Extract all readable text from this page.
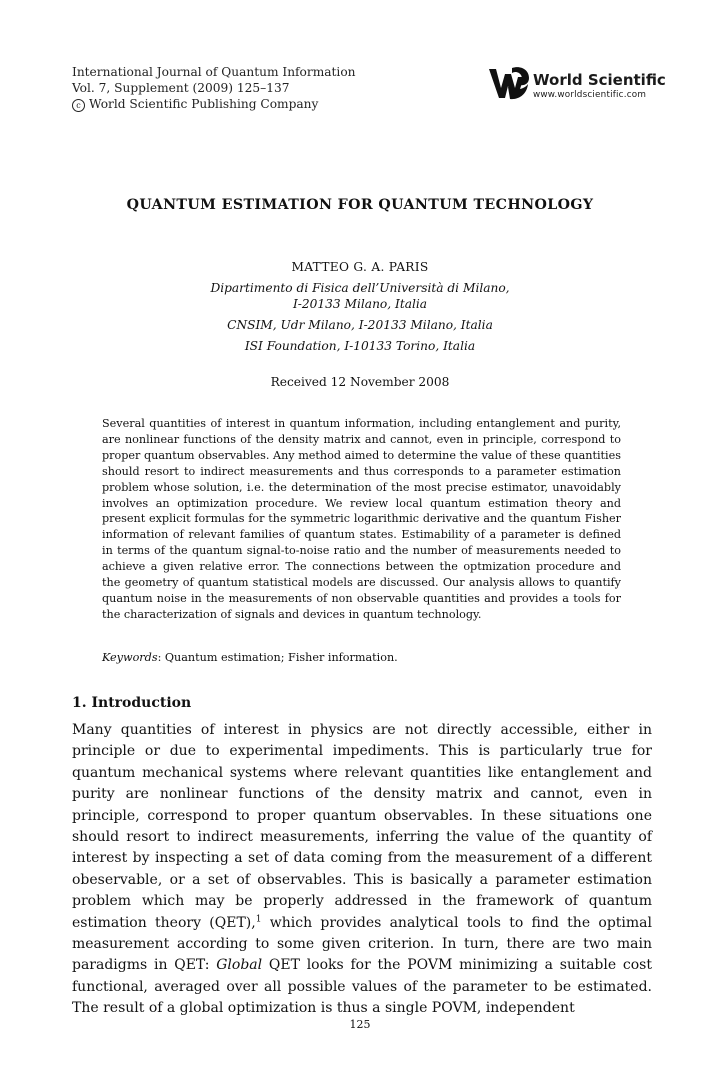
International Journal of Quantum Information
Vol. 7, Supplement (2009) 125–137
c World Scientific Publishing Company
World Scientific
www.worldscientific.com
QUANTUM ESTIMATION FOR QUANTUM TECHNOLOGY
MATTEO G. A. PARIS
Dipartimento di Fisica dell’Università di Milano,
I-20133 Milano, Italia
CNSIM, Udr Milano, I-20133 Milano, Italia
ISI Foundation, I-10133 Torino, Italia
Received 12 November 2008
Several quantities of interest in quantum information, including entanglement and purity, are nonlinear functions of the density matrix and cannot, even in principle, correspond to proper quantum observables. Any method aimed to determine the value of these quantities should resort to indirect measurements and thus corresponds to a parameter estimation problem whose solution, i.e. the determination of the most precise estimator, unavoidably involves an optimization procedure. We review local quantum estimation theory and present explicit formulas for the symmetric logarithmic derivative and the quantum Fisher information of relevant families of quantum states. Estimability of a parameter is defined in terms of the quantum signal-to-noise ratio and the number of measurements needed to achieve a given relative error. The connections between the optmization procedure and the geometry of quantum statistical models are discussed. Our analysis allows to quantify quantum noise in the measurements of non observable quantities and provides a tools for the characterization of signals and devices in quantum technology.
Keywords: Quantum estimation; Fisher information.
1. Introduction
Many quantities of interest in physics are not directly accessible, either in principle or due to experimental impediments. This is particularly true for quantum mechanical systems where relevant quantities like entanglement and purity are nonlinear functions of the density matrix and cannot, even in principle, correspond to proper quantum observables. In these situations one should resort to indirect measurements, inferring the value of the quantity of interest by inspecting a set of data coming from the measurement of a different obeservable, or a set of observables. This is basically a parameter estimation problem which may be properly addressed in the framework of quantum estimation theory (QET),$^1$ which provides analytical tools to find the optimal measurement according to some given criterion. In turn, there are two main paradigms in QET: Global QET looks for the POVM minimizing a suitable cost functional, averaged over all possible values of the parameter to be estimated. The result of a global optimization is thus a single POVM, independent
125
